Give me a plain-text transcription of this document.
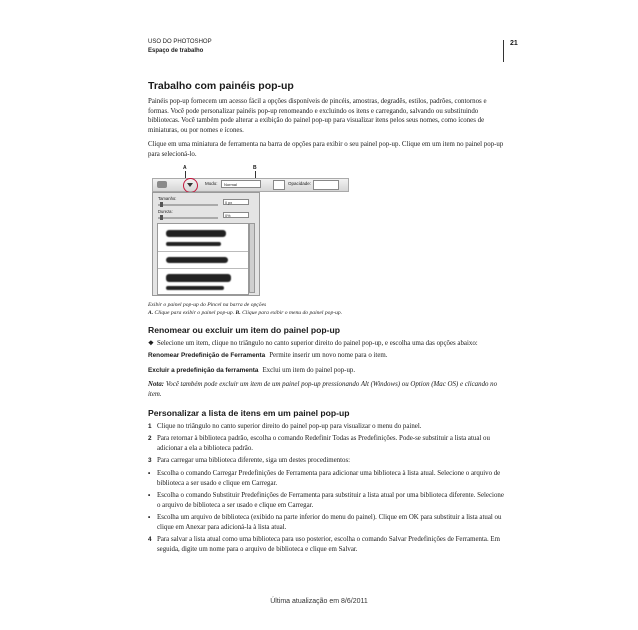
USO DO PHOTOSHOP
Espaço de trabalho
21
Trabalho com painéis pop-up

Painéis pop-up fornecem um acesso fácil a opções disponíveis de pincéis, amostras, degradês, estilos, padrões, contornos e formas. Você pode personalizar painéis pop-up renomeando e excluindo os itens e carregando, salvando ou substituindo bibliotecas. Você também pode alterar a exibição do painel pop-up para visualizar itens pelos seus nomes, como ícones de miniaturas, ou por nomes e ícones.

Clique em uma miniatura de ferramenta na barra de opções para exibir o seu painel pop-up. Clique em um item no painel pop-up para selecioná-lo.

A	B
Modo:	Normal	Opacidade:
Tamanho:
0 px
Dureza:
0%

Exibir o painel pop-up do Pincel na barra de opções
A. Clique para exibir o painel pop-up. B. Clique para exibir o menu do painel pop-up.

Renomear ou excluir um item do painel pop-up
❖ Selecione um item, clique no triângulo no canto superior direito do painel pop-up, e escolha uma das opções abaixo:

Renomear Predefinição de Ferramenta Permite inserir um novo nome para o item.

Excluir a predefinição da ferramenta Exclui um item do painel pop-up.

Nota: Você também pode excluir um item de um painel pop-up pressionando Alt (Windows) ou Option (Mac OS) e clicando no item.

Personalizar a lista de itens em um painel pop-up
1 Clique no triângulo no canto superior direito do painel pop-up para visualizar o menu do painel.
2 Para retornar à biblioteca padrão, escolha o comando Redefinir Todas as Predefinições. Pode-se substituir a lista atual ou adicionar a ela a biblioteca padrão.
3 Para carregar uma biblioteca diferente, siga um destes procedimentos:
• Escolha o comando Carregar Predefinições de Ferramenta para adicionar uma biblioteca à lista atual. Selecione o arquivo de biblioteca a ser usado e clique em Carregar.
• Escolha o comando Substituir Predefinições de Ferramenta para substituir a lista atual por uma biblioteca diferente. Selecione o arquivo de biblioteca a ser usado e clique em Carregar.
• Escolha um arquivo de biblioteca (exibido na parte inferior do menu do painel). Clique em OK para substituir a lista atual ou clique em Anexar para adicioná-la à lista atual.
4 Para salvar a lista atual como uma biblioteca para uso posterior, escolha o comando Salvar Predefinições de Ferramenta. Em seguida, digite um nome para o arquivo de biblioteca e clique em Salvar.
Última atualização em 8/6/2011
